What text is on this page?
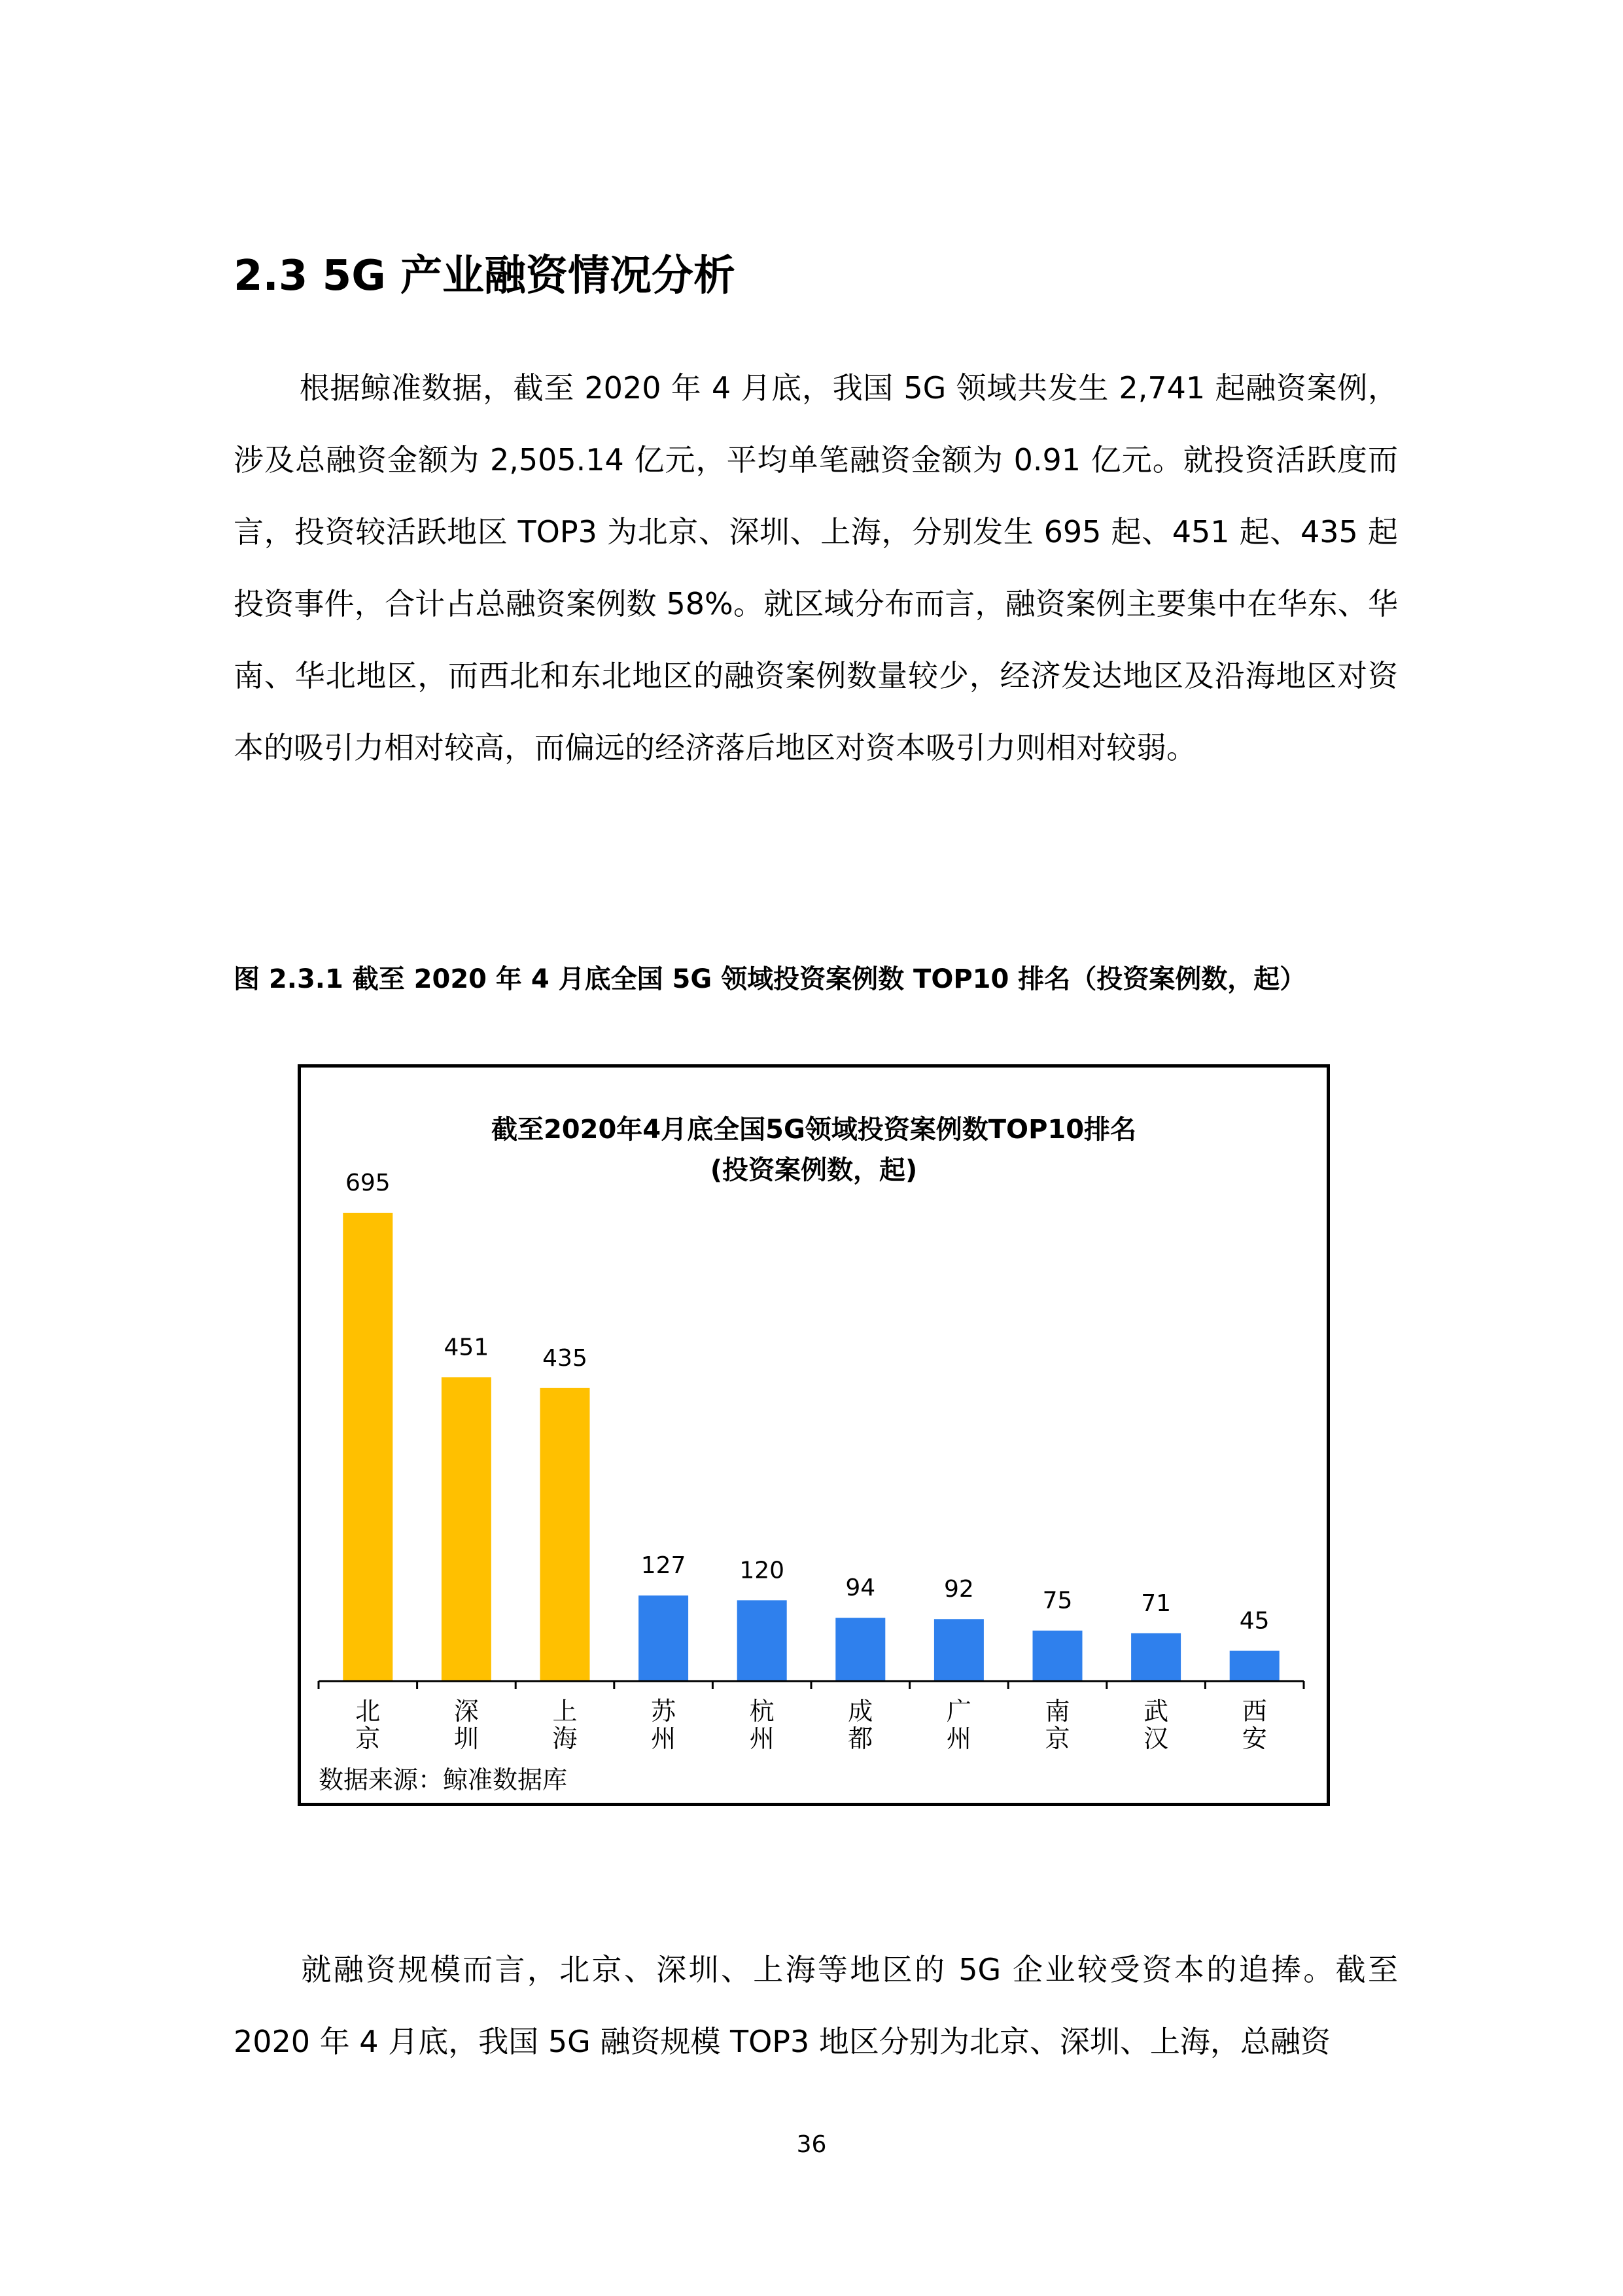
2.3 5G 产业融资情况分析

根据鲸准数据，截至 2020 年 4 月底，我国 5G 领域共发生 2,741 起融资案例，涉及总融资金额为 2,505.14 亿元，平均单笔融资金额为 0.91 亿元。就投资活跃度而言，投资较活跃地区 TOP3 为北京、深圳、上海，分别发生 695 起、451 起、435 起投资事件，合计占总融资案例数 58%。就区域分布而言，融资案例主要集中在华东、华南、华北地区，而西北和东北地区的融资案例数量较少，经济发达地区及沿海地区对资本的吸引力相对较高，而偏远的经济落后地区对资本吸引力则相对较弱。

图 2.3.1 截至 2020 年 4 月底全国 5G 领域投资案例数 TOP10 排名（投资案例数，起）
截至2020年4月底全国5G领域投资案例数TOP10排名
(投资案例数，起)
695
451 435
127 120
94	92	75	71
45
北京
深圳
上海
苏州
杭州
成都
广州
南京
武汉
西安
数据来源：鲸准数据库

就融资规模而言，北京、深圳、上海等地区的 5G 企业较受资本的追捧。截至 2020 年 4 月底，我国 5G 融资规模 TOP3 地区分别为北京、深圳、上海，总融资

36
